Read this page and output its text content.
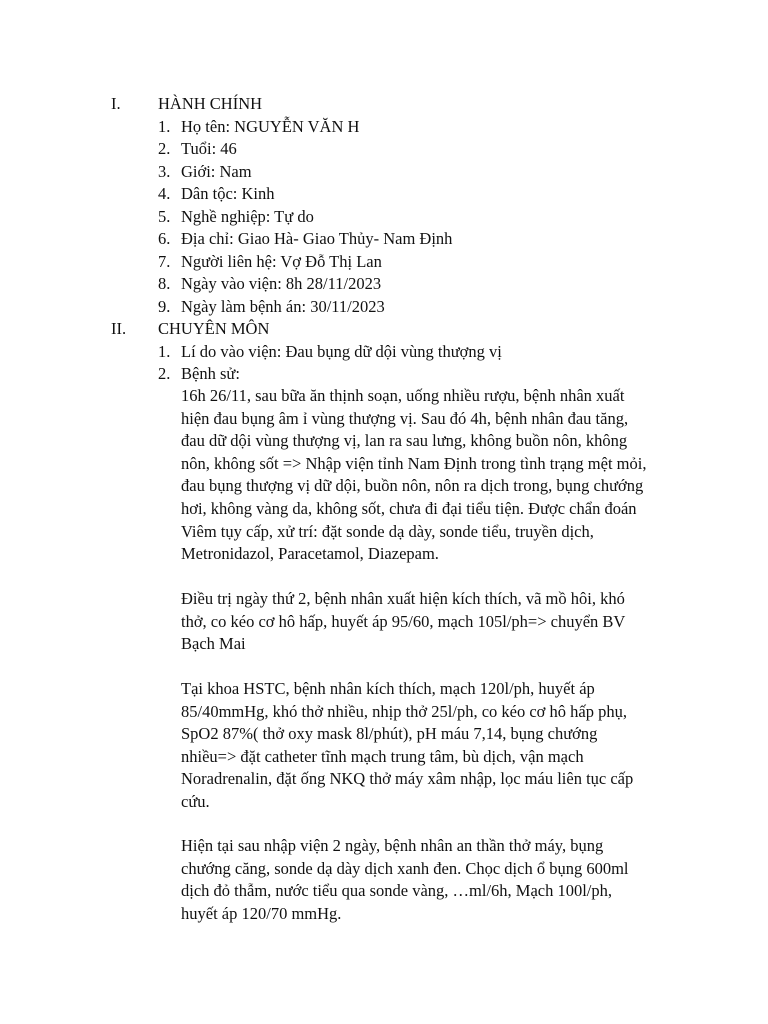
I. HÀNH CHÍNH
1. Họ tên: NGUYỄN VĂN H
2. Tuổi: 46
3. Giới: Nam
4. Dân tộc: Kinh
5. Nghề nghiệp: Tự do
6. Địa chỉ: Giao Hà- Giao Thủy- Nam Định
7. Người liên hệ: Vợ Đỗ Thị Lan
8. Ngày vào viện: 8h 28/11/2023
9. Ngày làm bệnh án: 30/11/2023
II. CHUYÊN MÔN
1. Lí do vào viện: Đau bụng dữ dội vùng thượng vị
2. Bệnh sử:
16h 26/11, sau bữa ăn thịnh soạn, uống nhiều rượu, bệnh nhân xuất
hiện đau bụng âm ỉ vùng thượng vị. Sau đó 4h, bệnh nhân đau tăng,
đau dữ dội vùng thượng vị, lan ra sau lưng, không buồn nôn, không
nôn, không sốt => Nhập viện tỉnh Nam Định trong tình trạng mệt mỏi,
đau bụng thượng vị dữ dội, buồn nôn, nôn ra dịch trong, bụng chướng
hơi, không vàng da, không sốt, chưa đi đại tiểu tiện. Được chẩn đoán
Viêm tụy cấp, xử trí: đặt sonde dạ dày, sonde tiểu, truyền dịch,
Metronidazol, Paracetamol, Diazepam.
Điều trị ngày thứ 2, bệnh nhân xuất hiện kích thích, vã mồ hôi, khó
thở, co kéo cơ hô hấp, huyết áp 95/60, mạch 105l/ph=> chuyển BV
Bạch Mai
Tại khoa HSTC, bệnh nhân kích thích, mạch 120l/ph, huyết áp
85/40mmHg, khó thở nhiều, nhịp thở 25l/ph, co kéo cơ hô hấp phụ,
SpO2 87%( thở oxy mask 8l/phút), pH máu 7,14, bụng chướng
nhiều=> đặt catheter tĩnh mạch trung tâm, bù dịch, vận mạch
Noradrenalin, đặt ống NKQ thở máy xâm nhập, lọc máu liên tục cấp
cứu.
Hiện tại sau nhập viện 2 ngày, bệnh nhân an thần thở máy, bụng
chướng căng, sonde dạ dày dịch xanh đen. Chọc dịch ổ bụng 600ml
dịch đỏ thẫm, nước tiểu qua sonde vàng, …ml/6h, Mạch 100l/ph,
huyết áp 120/70 mmHg.
